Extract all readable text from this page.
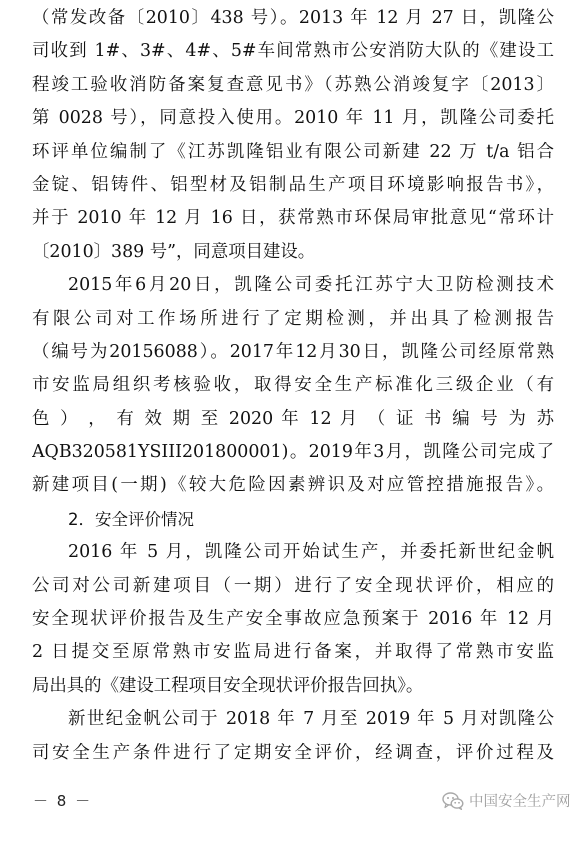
（常发改备〔2010〕438 号）。2013 年 12 月 27 日，凯隆公
司收到 1#、3#、4#、5#车间常熟市公安消防大队的《建设工
程竣工验收消防备案复查意见书》（苏熟公消竣复字〔2013〕
第 0028 号），同意投入使用。2010 年 11 月，凯隆公司委托
环评单位编制了《江苏凯隆铝业有限公司新建 22 万 t/a 铝合
金锭、铝铸件、铝型材及铝制品生产项目环境影响报告书》，
并于 2010 年 12 月 16 日，获常熟市环保局审批意见“常环计
〔2010〕389 号”，同意项目建设。
2015年6月20日，凯隆公司委托江苏宁大卫防检测技术
有限公司对工作场所进行了定期检测，并出具了检测报告
（编号为20156088）。2017年12月30日，凯隆公司经原常熟
市安监局组织考核验收，取得安全生产标准化三级企业（有
色 ） ， 有 效 期 至 2020 年 12 月 （ 证 书 编 号 为 苏
AQB320581YSIII201800001)。2019年3月，凯隆公司完成了
新建项目(一期)《较大危险因素辨识及对应管控措施报告》。
2．安全评价情况
2016 年 5 月，凯隆公司开始试生产，并委托新世纪金帆
公司对公司新建项目（一期）进行了安全现状评价，相应的
安全现状评价报告及生产安全事故应急预案于 2016 年 12 月
2 日提交至原常熟市安监局进行备案，并取得了常熟市安监
局出具的《建设工程项目安全现状评价报告回执》。
新世纪金帆公司于 2018 年 7 月至 2019 年 5 月对凯隆公
司安全生产条件进行了定期安全评价，经调查，评价过程及
－ 8 －	中国安全生产网
